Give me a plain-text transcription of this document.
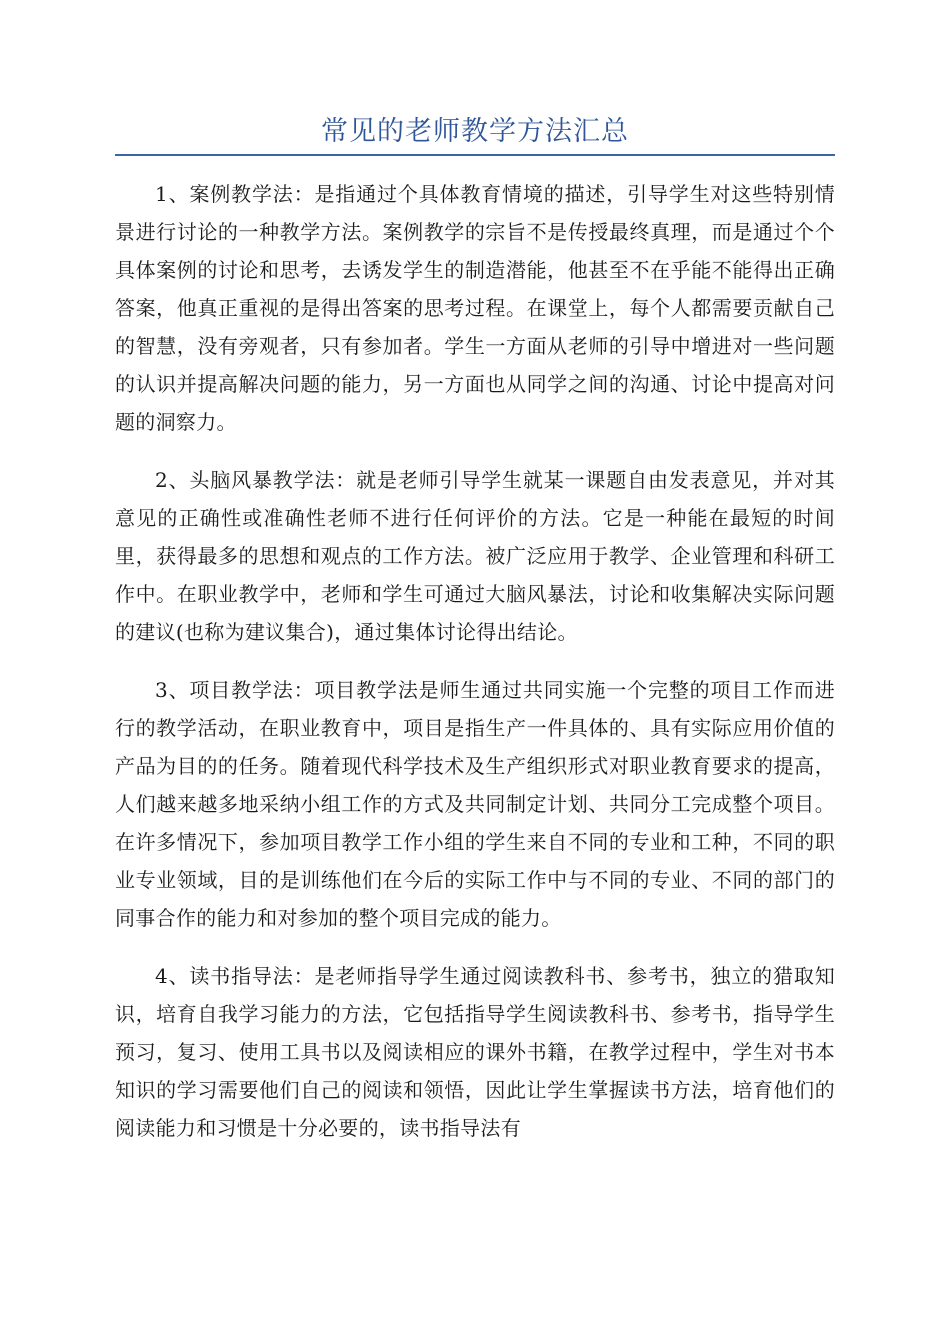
常见的老师教学方法汇总

1、案例教学法：是指通过个具体教育情境的描述，引导学生对这些特别情景进行讨论的一种教学方法。案例教学的宗旨不是传授最终真理，而是通过个个具体案例的讨论和思考，去诱发学生的制造潜能，他甚至不在乎能不能得出正确答案，他真正重视的是得出答案的思考过程。在课堂上，每个人都需要贡献自己的智慧，没有旁观者，只有参加者。学生一方面从老师的引导中增进对一些问题的认识并提高解决问题的能力，另一方面也从同学之间的沟通、讨论中提高对问题的洞察力。

2、头脑风暴教学法：就是老师引导学生就某一课题自由发表意见，并对其意见的正确性或准确性老师不进行任何评价的方法。它是一种能在最短的时间里，获得最多的思想和观点的工作方法。被广泛应用于教学、企业管理和科研工作中。在职业教学中，老师和学生可通过大脑风暴法，讨论和收集解决实际问题的建议(也称为建议集合)，通过集体讨论得出结论。

3、项目教学法：项目教学法是师生通过共同实施一个完整的项目工作而进行的教学活动，在职业教育中，项目是指生产一件具体的、具有实际应用价值的产品为目的的任务。随着现代科学技术及生产组织形式对职业教育要求的提高，人们越来越多地采纳小组工作的方式及共同制定计划、共同分工完成整个项目。在许多情况下，参加项目教学工作小组的学生来自不同的专业和工种，不同的职业专业领域，目的是训练他们在今后的实际工作中与不同的专业、不同的部门的同事合作的能力和对参加的整个项目完成的能力。

4、读书指导法：是老师指导学生通过阅读教科书、参考书，独立的猎取知识，培育自我学习能力的方法，它包括指导学生阅读教科书、参考书，指导学生预习，复习、使用工具书以及阅读相应的课外书籍，在教学过程中，学生对书本知识的学习需要他们自己的阅读和领悟，因此让学生掌握读书方法，培育他们的阅读能力和习惯是十分必要的，读书指导法有
